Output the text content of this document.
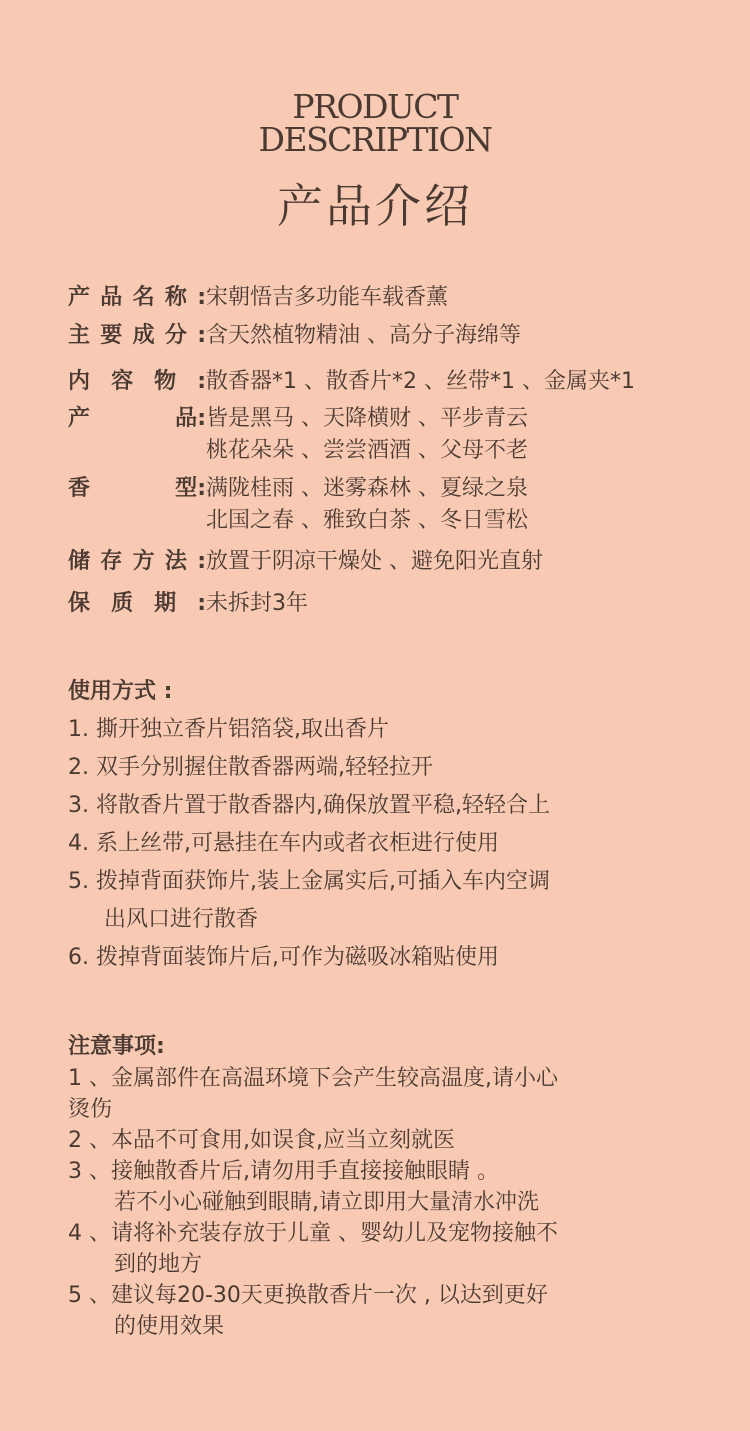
PRODUCT
DESCRIPTION
产品介绍
产 品 名 称 : 宋朝悟吉多功能车载香薰
主 要 成 分 : 含天然植物精油 、高分子海绵等
内 容 物 : 散香器*1 、散香片*2 、丝带*1 、金属夹*1
产	品 : 皆是黑马 、天降横财 、平步青云
桃花朵朵 、尝尝酒酒 、父母不老
香	型 : 满陇桂雨 、迷雾森林 、夏绿之泉
北国之春 、雅致白茶 、冬日雪松
储 存 方 法 : 放置于阴凉干燥处 、避免阳光直射
保 质 期 : 未拆封3年
使用方式 :
1. 撕开独立香片铝箔袋,取出香片
2. 双手分别握住散香器两端,轻轻拉开
3. 将散香片置于散香器内,确保放置平稳,轻轻合上
4. 系上丝带,可悬挂在车内或者衣柜进行使用
5. 拨掉背面获饰片,装上金属实后,可插入车内空调
出风口进行散香
6. 拨掉背面装饰片后,可作为磁吸冰箱贴使用
注意事项:
1 、金属部件在高温环境下会产生较高温度,请小心
烫伤
2 、本品不可食用,如误食,应当立刻就医
3 、接触散香片后,请勿用手直接接触眼睛 。
若不小心碰触到眼睛,请立即用大量清水冲洗
4 、请将补充装存放于儿童 、婴幼儿及宠物接触不
到的地方
5 、建议每20-30天更换散香片一次 , 以达到更好
的使用效果
